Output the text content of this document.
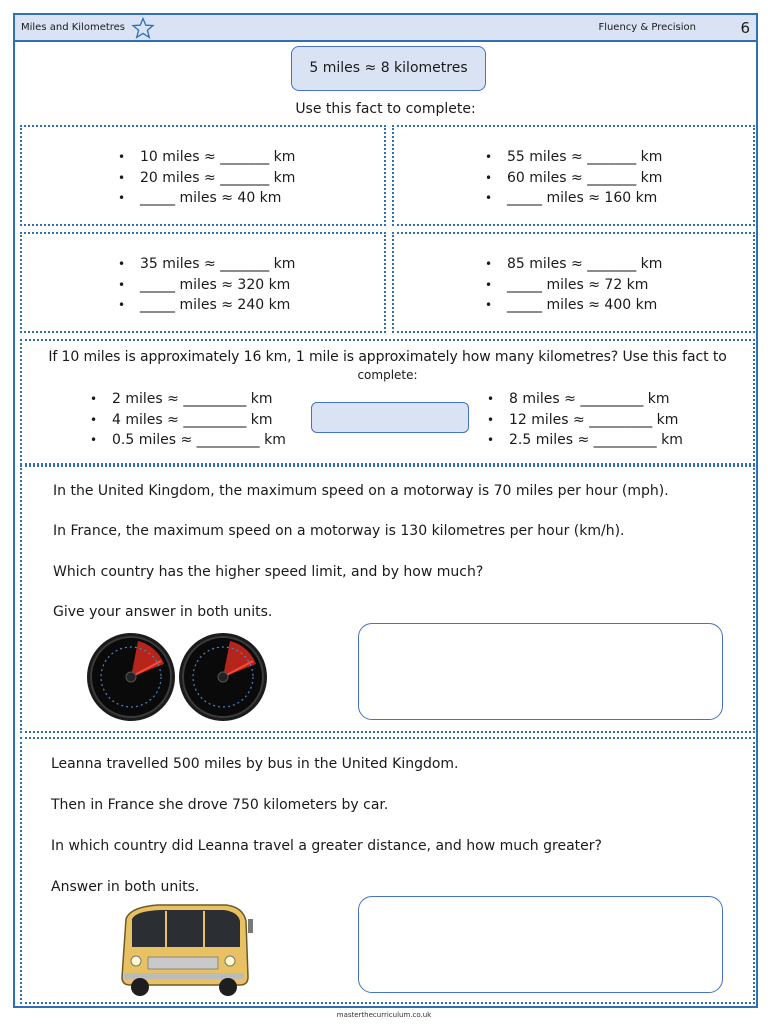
Miles and Kilometres	Fluency & Precision	6
5 miles ≈ 8 kilometres
Use this fact to complete:
• 10 miles ≈ _______ km
• 20 miles ≈ _______ km
• _____ miles ≈ 40 km
• 55 miles ≈ _______ km
• 60 miles ≈ _______ km
• _____ miles ≈ 160 km
• 35 miles ≈ _______ km
• _____ miles ≈ 320 km
• _____ miles ≈ 240 km
• 85 miles ≈ _______ km
• _____ miles ≈ 72 km
• _____ miles ≈ 400 km
If 10 miles is approximately 16 km, 1 mile is approximately how many kilometres? Use this fact to
complete:
• 2 miles ≈ _________ km
• 4 miles ≈ _________ km
• 0.5 miles ≈ _________ km
• 8 miles ≈ _________ km
• 12 miles ≈ _________ km
• 2.5 miles ≈ _________ km
In the United Kingdom, the maximum speed on a motorway is 70 miles per hour (mph).
In France, the maximum speed on a motorway is 130 kilometres per hour (km/h).
Which country has the higher speed limit, and by how much?
Give your answer in both units.
Leanna travelled 500 miles by bus in the United Kingdom.
Then in France she drove 750 kilometers by car.
In which country did Leanna travel a greater distance, and how much greater?
Answer in both units.
masterthecurriculum.co.uk
